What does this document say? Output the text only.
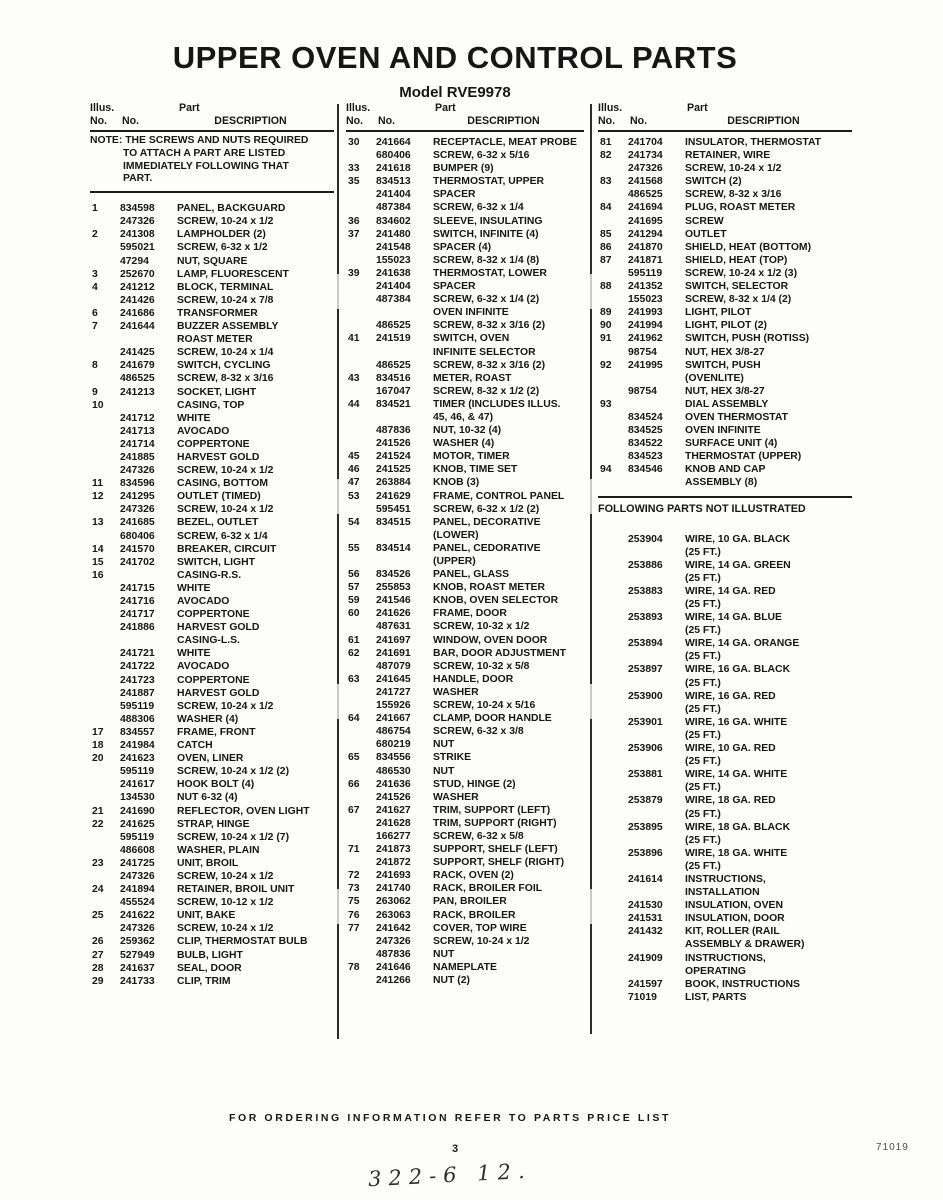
UPPER OVEN AND CONTROL PARTS
Model RVE9978
Illus.	Part
No.	No.	DESCRIPTION
NOTE: THE SCREWS AND NUTS REQUIRED
TO ATTACH A PART ARE LISTED
IMMEDIATELY FOLLOWING THAT
PART.
1	834598	PANEL, BACKGUARD
247326	SCREW, 10-24 x 1/2
2	241308	LAMPHOLDER (2)
595021	SCREW, 6-32 x 1/2
47294	NUT, SQUARE
3	252670	LAMP, FLUORESCENT
4	241212	BLOCK, TERMINAL
241426	SCREW, 10-24 x 7/8
6	241686	TRANSFORMER
7	241644	BUZZER ASSEMBLY
ROAST METER
241425	SCREW, 10-24 x 1/4
8	241679	SWITCH, CYCLING
486525	SCREW, 8-32 x 3/16
9	241213	SOCKET, LIGHT
10	CASING, TOP
241712	WHITE
241713	AVOCADO
241714	COPPERTONE
241885	HARVEST GOLD
247326	SCREW, 10-24 x 1/2
11	834596	CASING, BOTTOM
12	241295	OUTLET (TIMED)
247326	SCREW, 10-24 x 1/2
13	241685	BEZEL, OUTLET
680406	SCREW, 6-32 x 1/4
14	241570	BREAKER, CIRCUIT
15	241702	SWITCH, LIGHT
16	CASING-R.S.
241715	WHITE
241716	AVOCADO
241717	COPPERTONE
241886	HARVEST GOLD
CASING-L.S.
241721	WHITE
241722	AVOCADO
241723	COPPERTONE
241887	HARVEST GOLD
595119	SCREW, 10-24 x 1/2
488306	WASHER (4)
17	834557	FRAME, FRONT
18	241984	CATCH
20	241623	OVEN, LINER
595119	SCREW, 10-24 x 1/2 (2)
241617	HOOK BOLT (4)
134530	NUT 6-32 (4)
21	241690	REFLECTOR, OVEN LIGHT
22	241625	STRAP, HINGE
595119	SCREW, 10-24 x 1/2 (7)
486608	WASHER, PLAIN
23	241725	UNIT, BROIL
247326	SCREW, 10-24 x 1/2
24	241894	RETAINER, BROIL UNIT
455524	SCREW, 10-12 x 1/2
25	241622	UNIT, BAKE
247326	SCREW, 10-24 x 1/2
26	259362	CLIP, THERMOSTAT BULB
27	527949	BULB, LIGHT
28	241637	SEAL, DOOR
29	241733	CLIP, TRIM
Illus.	Part
No.	No.	DESCRIPTION
30	241664	RECEPTACLE, MEAT PROBE
680406	SCREW, 6-32 x 5/16
33	241618	BUMPER (9)
35	834513	THERMOSTAT, UPPER
241404	SPACER
487384	SCREW, 6-32 x 1/4
36	834602	SLEEVE, INSULATING
37	241480	SWITCH, INFINITE (4)
241548	SPACER (4)
155023	SCREW, 8-32 x 1/4 (8)
39	241638	THERMOSTAT, LOWER
241404	SPACER
487384	SCREW, 6-32 x 1/4 (2)
OVEN INFINITE
486525	SCREW, 8-32 x 3/16 (2)
41	241519	SWITCH, OVEN
INFINITE SELECTOR
486525	SCREW, 8-32 x 3/16 (2)
43	834516	METER, ROAST
167047	SCREW, 8-32 x 1/2 (2)
44	834521	TIMER (INCLUDES ILLUS.
45, 46, & 47)
487836	NUT, 10-32 (4)
241526	WASHER (4)
45	241524	MOTOR, TIMER
46	241525	KNOB, TIME SET
47	263884	KNOB (3)
53	241629	FRAME, CONTROL PANEL
595451	SCREW, 6-32 x 1/2 (2)
54	834515	PANEL, DECORATIVE
(LOWER)
55	834514	PANEL, CEDORATIVE
(UPPER)
56	834526	PANEL, GLASS
57	255853	KNOB, ROAST METER
59	241546	KNOB, OVEN SELECTOR
60	241626	FRAME, DOOR
487631	SCREW, 10-32 x 1/2
61	241697	WINDOW, OVEN DOOR
62	241691	BAR, DOOR ADJUSTMENT
487079	SCREW, 10-32 x 5/8
63	241645	HANDLE, DOOR
241727	WASHER
155926	SCREW, 10-24 x 5/16
64	241667	CLAMP, DOOR HANDLE
486754	SCREW, 6-32 x 3/8
680219	NUT
65	834556	STRIKE
486530	NUT
66	241636	STUD, HINGE (2)
241526	WASHER
67	241627	TRIM, SUPPORT (LEFT)
241628	TRIM, SUPPORT (RIGHT)
166277	SCREW, 6-32 x 5/8
71	241873	SUPPORT, SHELF (LEFT)
241872	SUPPORT, SHELF (RIGHT)
72	241693	RACK, OVEN (2)
73	241740	RACK, BROILER FOIL
75	263062	PAN, BROILER
76	263063	RACK, BROILER
77	241642	COVER, TOP WIRE
247326	SCREW, 10-24 x 1/2
487836	NUT
78	241646	NAMEPLATE
241266	NUT (2)
Illus.	Part
No.	No.	DESCRIPTION
81	241704	INSULATOR, THERMOSTAT
82	241734	RETAINER, WIRE
247326	SCREW, 10-24 x 1/2
83	241568	SWITCH (2)
486525	SCREW, 8-32 x 3/16
84	241694	PLUG, ROAST METER
241695	SCREW
85	241294	OUTLET
86	241870	SHIELD, HEAT (BOTTOM)
87	241871	SHIELD, HEAT (TOP)
595119	SCREW, 10-24 x 1/2 (3)
88	241352	SWITCH, SELECTOR
155023	SCREW, 8-32 x 1/4 (2)
89	241993	LIGHT, PILOT
90	241994	LIGHT, PILOT (2)
91	241962	SWITCH, PUSH (ROTISS)
98754	NUT, HEX 3/8-27
92	241995	SWITCH, PUSH
(OVENLITE)
98754	NUT, HEX 3/8-27
93	DIAL ASSEMBLY
834524	OVEN THERMOSTAT
834525	OVEN INFINITE
834522	SURFACE UNIT (4)
834523	THERMOSTAT (UPPER)
94	834546	KNOB AND CAP
ASSEMBLY (8)
FOLLOWING PARTS NOT ILLUSTRATED
253904	WIRE, 10 GA. BLACK
(25 FT.)
253886	WIRE, 14 GA. GREEN
(25 FT.)
253883	WIRE, 14 GA. RED
(25 FT.)
253893	WIRE, 14 GA. BLUE
(25 FT.)
253894	WIRE, 14 GA. ORANGE
(25 FT.)
253897	WIRE, 16 GA. BLACK
(25 FT.)
253900	WIRE, 16 GA. RED
(25 FT.)
253901	WIRE, 16 GA. WHITE
(25 FT.)
253906	WIRE, 10 GA. RED
(25 FT.)
253881	WIRE, 14 GA. WHITE
(25 FT.)
253879	WIRE, 18 GA. RED
(25 FT.)
253895	WIRE, 18 GA. BLACK
(25 FT.)
253896	WIRE, 18 GA. WHITE
(25 FT.)
241614	INSTRUCTIONS,
INSTALLATION
241530	INSULATION, OVEN
241531	INSULATION, DOOR
241432	KIT, ROLLER (RAIL
ASSEMBLY & DRAWER)
241909	INSTRUCTIONS,
OPERATING
241597	BOOK, INSTRUCTIONS
71019	LIST, PARTS
FOR ORDERING INFORMATION REFER TO PARTS PRICE LIST
3	71019
322-6 12.
